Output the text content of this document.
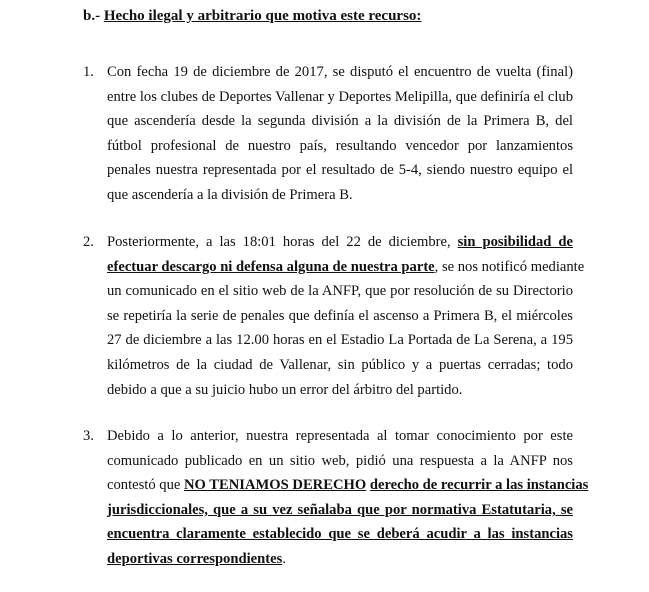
b.- Hecho ilegal y arbitrario que motiva este recurso:
1. Con fecha 19 de diciembre de 2017, se disputó el encuentro de vuelta (final)
entre los clubes de Deportes Vallenar y Deportes Melipilla, que definiría el club
que ascendería desde la segunda división a la división de la Primera B, del
fútbol profesional de nuestro país, resultando vencedor por lanzamientos
penales nuestra representada por el resultado de 5-4, siendo nuestro equipo el
que ascendería a la división de Primera B.
2. Posteriormente, a las 18:01 horas del 22 de diciembre, sin posibilidad de
efectuar descargo ni defensa alguna de nuestra parte, se nos notificó mediante
un comunicado en el sitio web de la ANFP, que por resolución de su Directorio
se repetiría la serie de penales que definía el ascenso a Primera B, el miércoles
27 de diciembre a las 12.00 horas en el Estadio La Portada de La Serena, a 195
kilómetros de la ciudad de Vallenar, sin público y a puertas cerradas; todo
debido a que a su juicio hubo un error del árbitro del partido.
3. Debido a lo anterior, nuestra representada al tomar conocimiento por este
comunicado publicado en un sitio web, pidió una respuesta a la ANFP nos
contestó que NO TENIAMOS DERECHO derecho de recurrir a las instancias
jurisdiccionales, que a su vez señalaba que por normativa Estatutaria, se
encuentra claramente establecido que se deberá acudir a las instancias
deportivas correspondientes.
